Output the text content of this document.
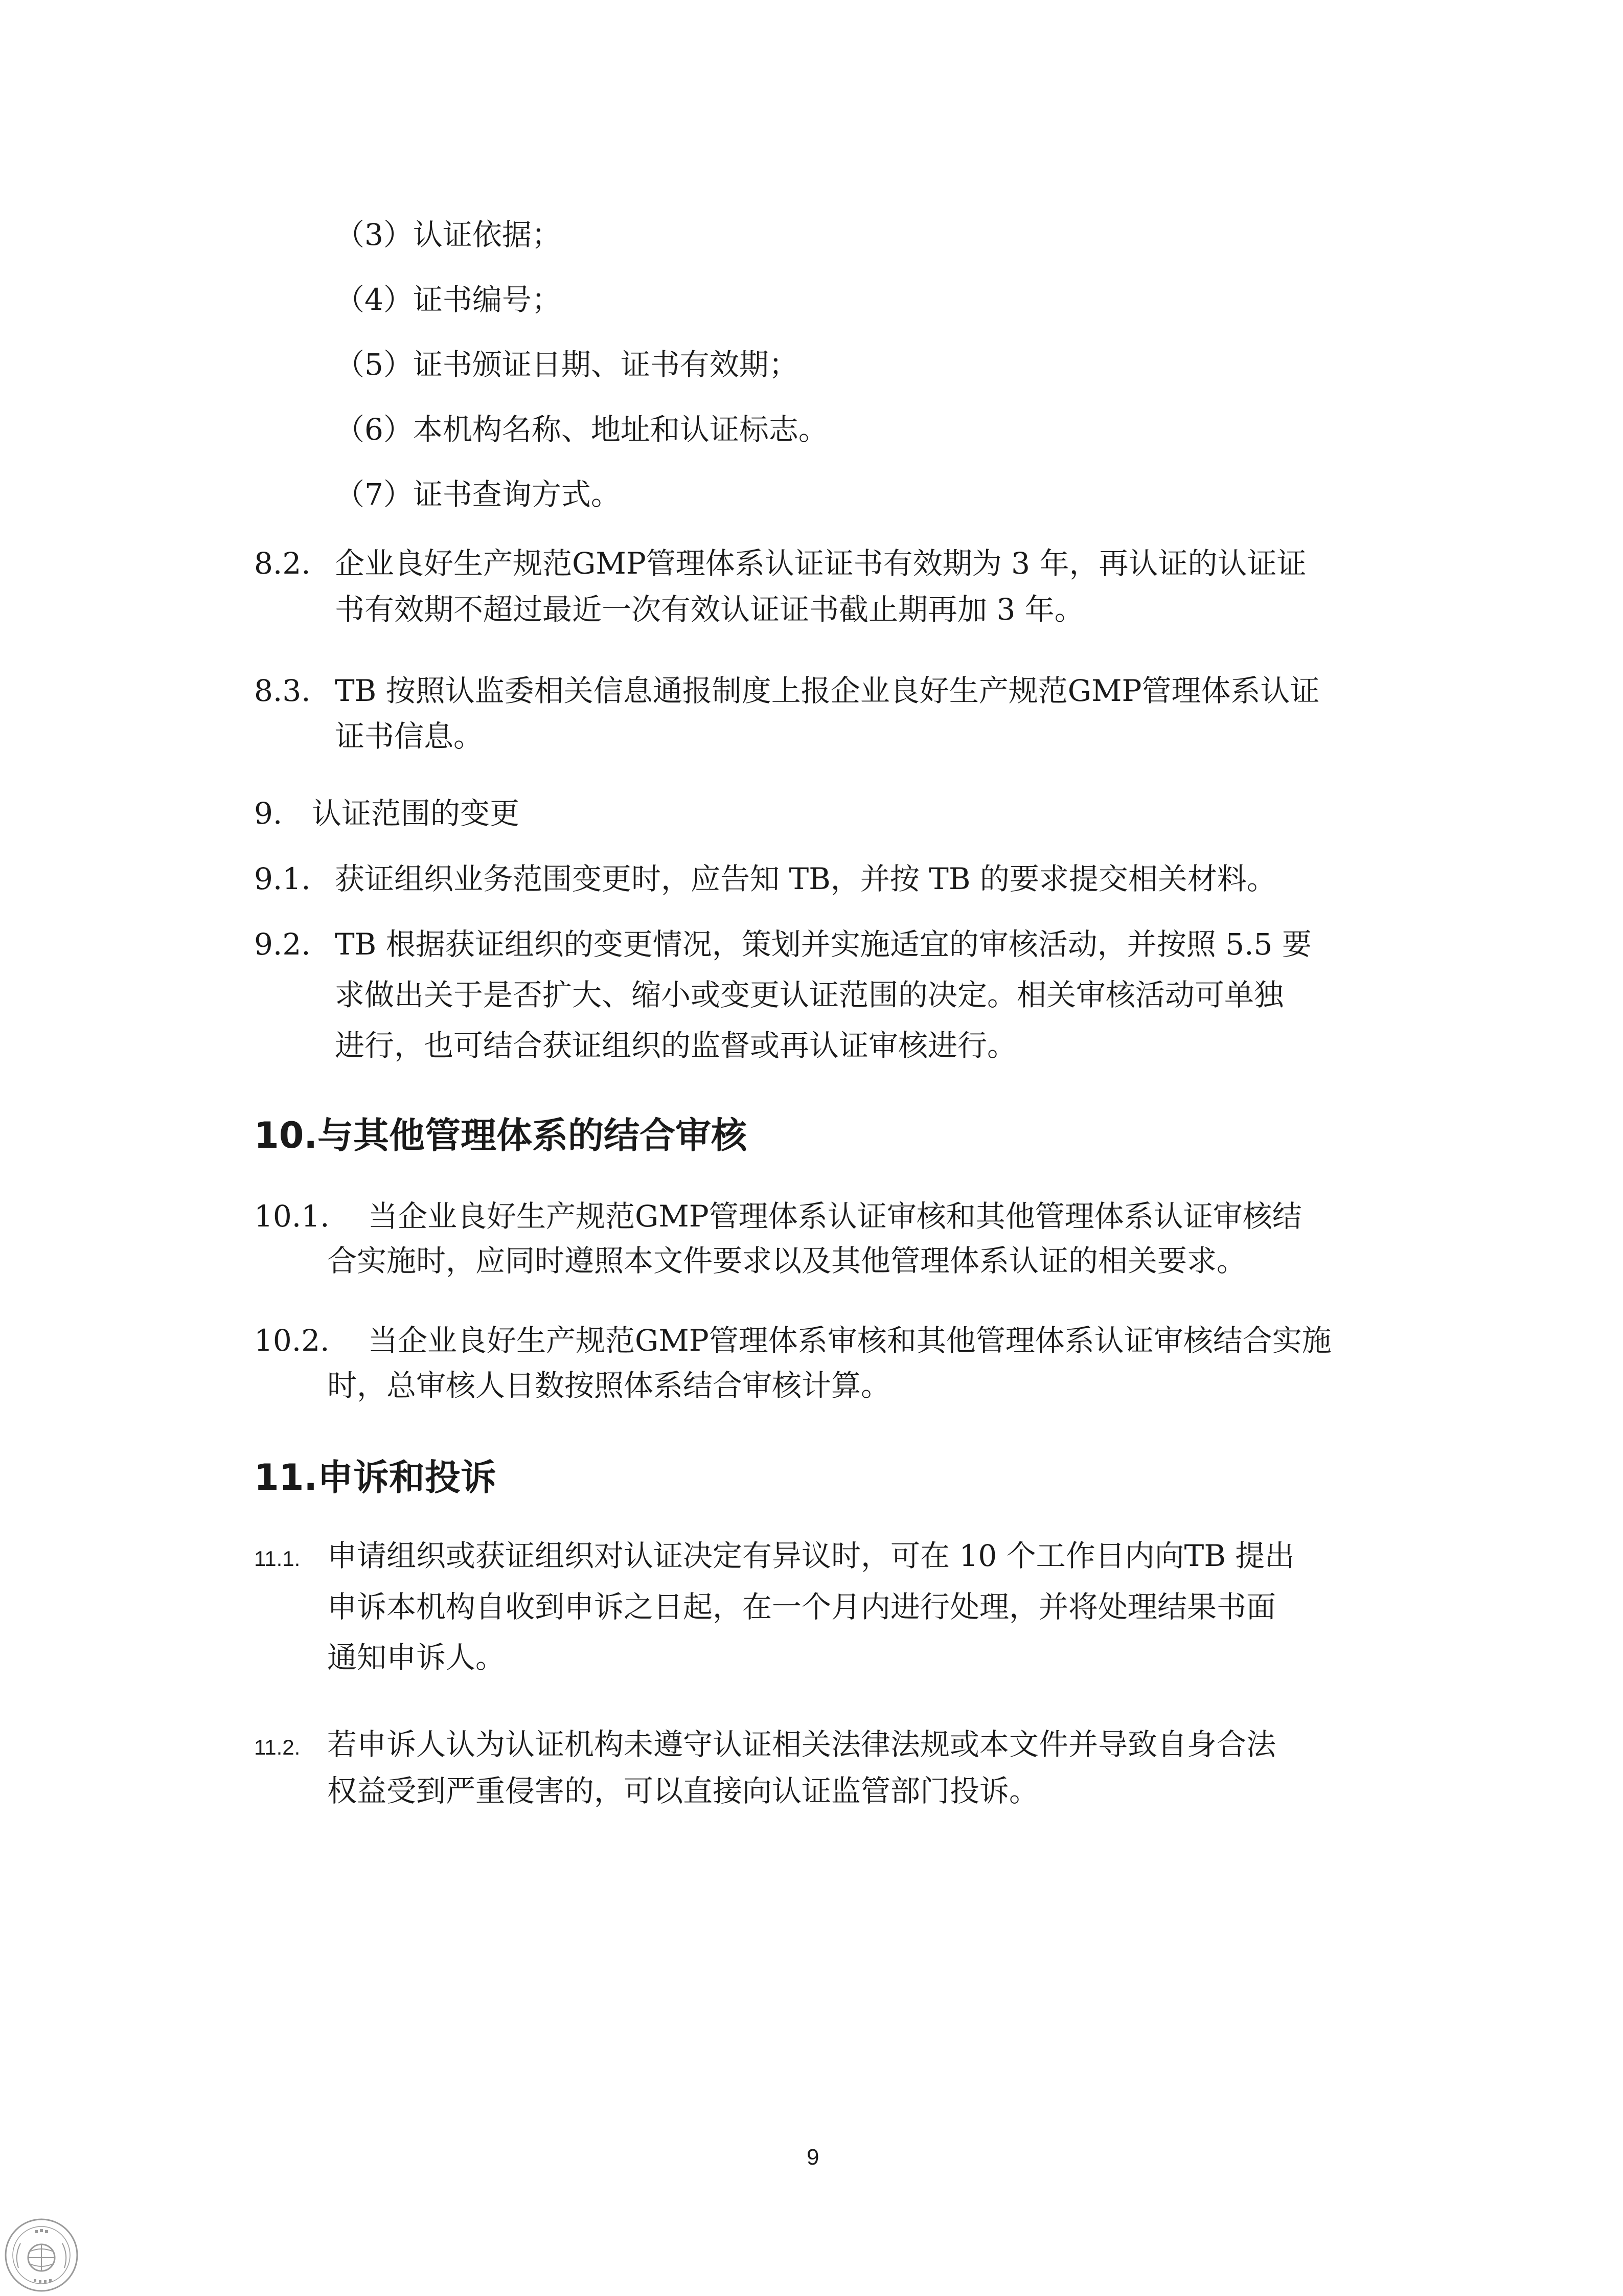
（3）认证依据；
（4）证书编号；
（5）证书颁证日期、证书有效期；
（6）本机构名称、地址和认证标志。
（7）证书查询方式。
8.2. 企业良好生产规范GMP管理体系认证证书有效期为 3 年，再认证的认证证
书有效期不超过最近一次有效认证证书截止期再加 3 年。
8.3. TB 按照认监委相关信息通报制度上报企业良好生产规范GMP管理体系认证
证书信息。
9. 认证范围的变更
9.1. 获证组织业务范围变更时，应告知 TB，并按 TB 的要求提交相关材料。
9.2. TB 根据获证组织的变更情况，策划并实施适宜的审核活动，并按照 5.5 要
求做出关于是否扩大、缩小或变更认证范围的决定。相关审核活动可单独
进行，也可结合获证组织的监督或再认证审核进行。
10.与其他管理体系的结合审核
10.1. 当企业良好生产规范GMP管理体系认证审核和其他管理体系认证审核结
合实施时，应同时遵照本文件要求以及其他管理体系认证的相关要求。
10.2. 当企业良好生产规范GMP管理体系审核和其他管理体系认证审核结合实施
时，总审核人日数按照体系结合审核计算。
11.申诉和投诉
11.1. 申请组织或获证组织对认证决定有异议时，可在 10 个工作日内向TB 提出
申诉本机构自收到申诉之日起，在一个月内进行处理，并将处理结果书面
通知申诉人。
11.2. 若申诉人认为认证机构未遵守认证相关法律法规或本文件并导致自身合法
权益受到严重侵害的，可以直接向认证监管部门投诉。
9
